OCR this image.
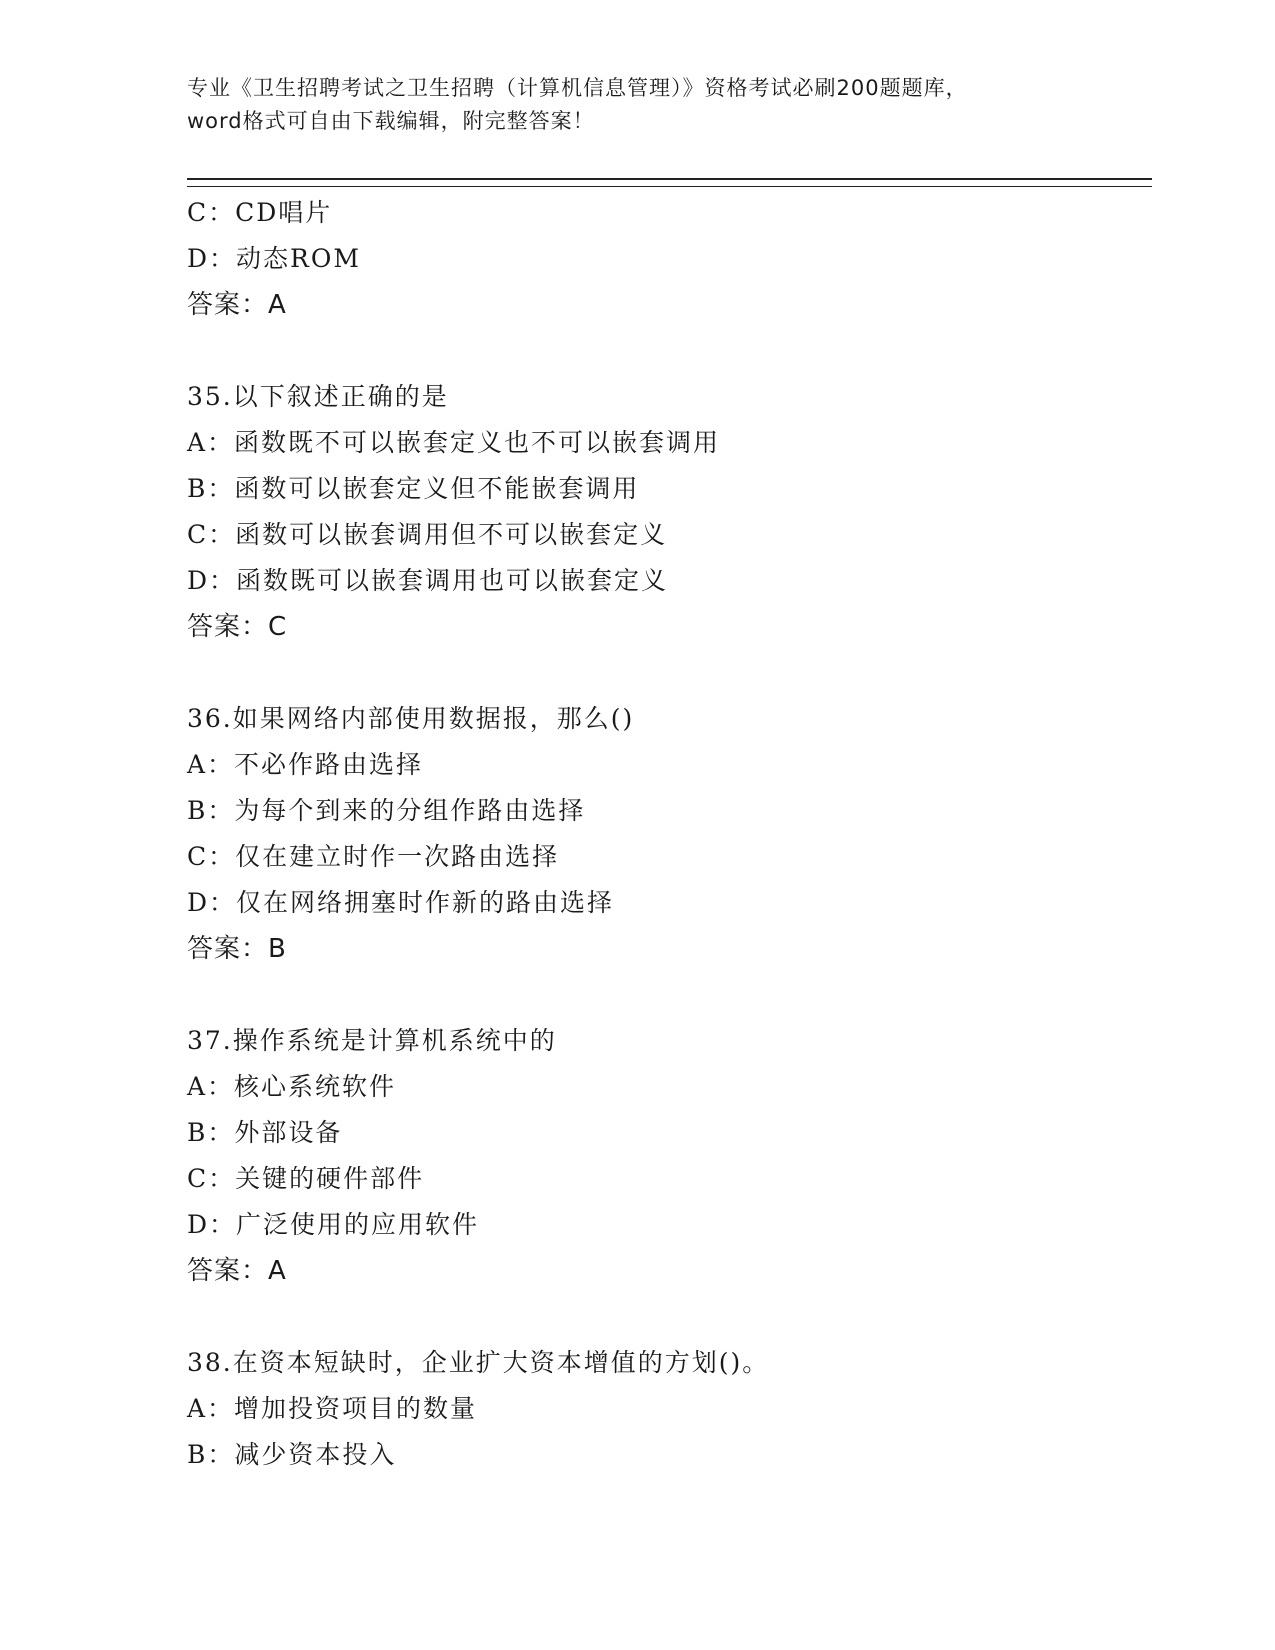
专业《卫生招聘考试之卫生招聘（计算机信息管理）》资格考试必刷200题题库，
word格式可自由下载编辑，附完整答案！
C：CD唱片
D：动态ROM
答案：A
35.以下叙述正确的是
A：函数既不可以嵌套定义也不可以嵌套调用
B：函数可以嵌套定义但不能嵌套调用
C：函数可以嵌套调用但不可以嵌套定义
D：函数既可以嵌套调用也可以嵌套定义
答案：C
36.如果网络内部使用数据报，那么()
A：不必作路由选择
B：为每个到来的分组作路由选择
C：仅在建立时作一次路由选择
D：仅在网络拥塞时作新的路由选择
答案：B
37.操作系统是计算机系统中的
A：核心系统软件
B：外部设备
C：关键的硬件部件
D：广泛使用的应用软件
答案：A
38.在资本短缺时，企业扩大资本增值的方划()。
A：增加投资项目的数量
B：减少资本投入
